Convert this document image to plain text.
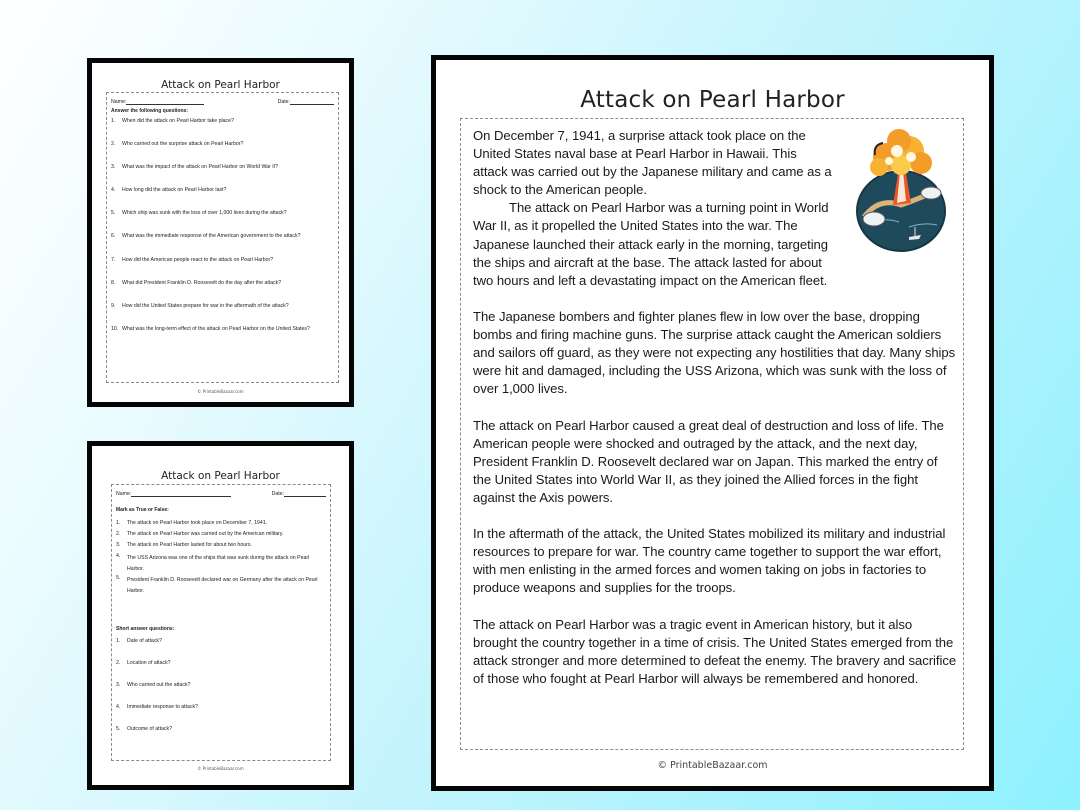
Attack on Pearl Harbor
Name:	Date:
Answer the following questions:
1.	When did the attack on Pearl Harbor take place?
2.	Who carried out the surprise attack on Pearl Harbor?
3.	What was the impact of the attack on Pearl Harbor on World War II?
4.	How long did the attack on Pearl Harbor last?
5.	Which ship was sunk with the loss of over 1,000 lives during the attack?
6.	What was the immediate response of the American government to the attack?
7.	How did the American people react to the attack on Pearl Harbor?
8.	What did President Franklin D. Roosevelt do the day after the attack?
9.	How did the United States prepare for war in the aftermath of the attack?
10. What was the long-term effect of the attack on Pearl Harbor on the United States?
© PrintableBazaar.com
Attack on Pearl Harbor
Name:	Date:
Mark as True or False:
1.	The attack on Pearl Harbor took place on December 7, 1941.
2.	The attack on Pearl Harbor was carried out by the American military.
3.	The attack on Pearl Harbor lasted for about two hours.
4.	The USS Arizona was one of the ships that was sunk during the attack on Pearl Harbor.
5.	President Franklin D. Roosevelt declared war on Germany after the attack on Pearl Harbor.
Short answer questions:
1.	Date of attack?
2.	Location of attack?
3.	Who carried out the attack?
4.	Immediate response to attack?
5.	Outcome of attack?
© PrintableBazaar.com
Attack on Pearl Harbor

On December 7, 1941, a surprise attack took place on the United States naval base at Pearl Harbor in Hawaii. This attack was carried out by the Japanese military and came as a shock to the American people.

The attack on Pearl Harbor was a turning point in World War II, as it propelled the United States into the war. The Japanese launched their attack early in the morning, targeting the ships and aircraft at the base. The attack lasted for about two hours and left a devastating impact on the American fleet.

The Japanese bombers and fighter planes flew in low over the base, dropping bombs and firing machine guns. The surprise attack caught the American soldiers and sailors off guard, as they were not expecting any hostilities that day. Many ships were hit and damaged, including the USS Arizona, which was sunk with the loss of over 1,000 lives.

The attack on Pearl Harbor caused a great deal of destruction and loss of life. The American people were shocked and outraged by the attack, and the next day, President Franklin D. Roosevelt declared war on Japan. This marked the entry of the United States into World War II, as they joined the Allied forces in the fight against the Axis powers.

In the aftermath of the attack, the United States mobilized its military and industrial resources to prepare for war. The country came together to support the war effort, with men enlisting in the armed forces and women taking on jobs in factories to produce weapons and supplies for the troops.

The attack on Pearl Harbor was a tragic event in American history, but it also brought the country together in a time of crisis. The United States emerged from the attack stronger and more determined to defeat the enemy. The bravery and sacrifice of those who fought at Pearl Harbor will always be remembered and honored.

© PrintableBazaar.com
